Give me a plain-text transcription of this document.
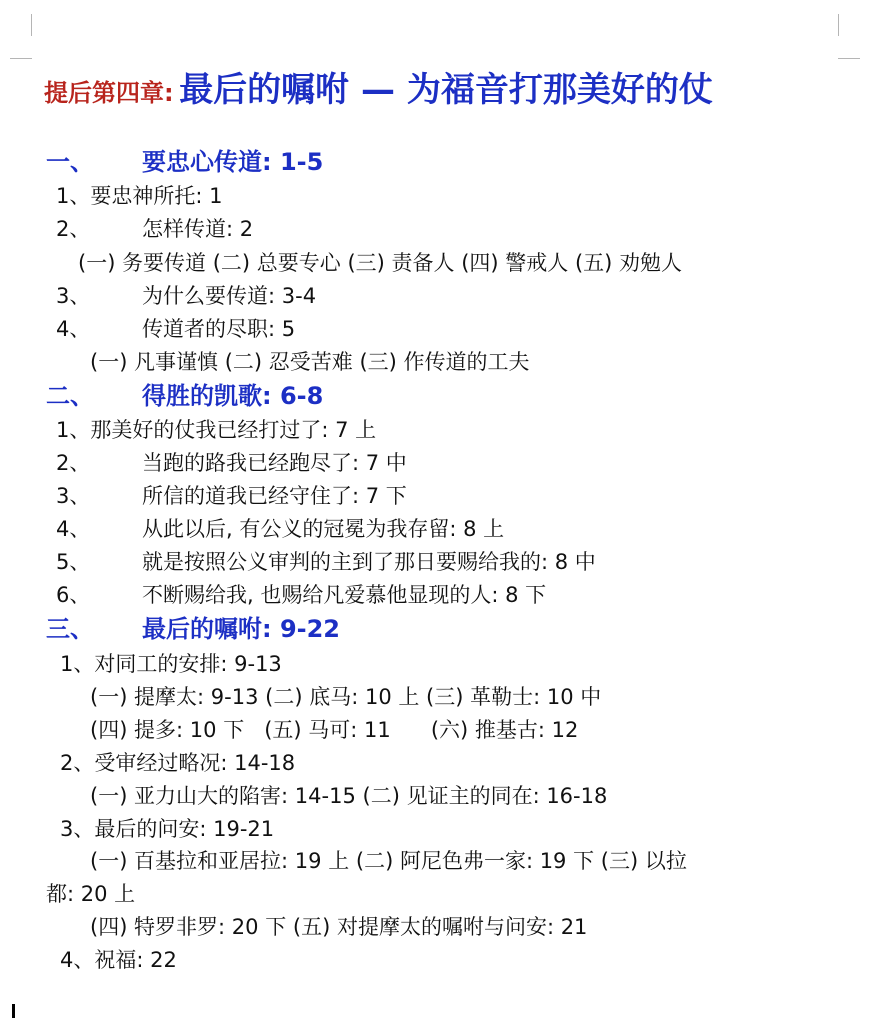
提后第四章: 最后的嘱咐 — 为福音打那美好的仗
一、 要忠心传道: 1-5
1、要忠神所托: 1
2、 怎样传道: 2
(一) 务要传道 (二) 总要专心 (三) 责备人 (四) 警戒人 (五) 劝勉人
3、 为什么要传道: 3-4
4、 传道者的尽职: 5
(一) 凡事谨慎 (二) 忍受苦难 (三) 作传道的工夫
二、 得胜的凯歌: 6-8
1、那美好的仗我已经打过了: 7 上
2、 当跑的路我已经跑尽了: 7 中
3、 所信的道我已经守住了: 7 下
4、 从此以后, 有公义的冠冕为我存留: 8 上
5、 就是按照公义审判的主到了那日要赐给我的: 8 中
6、 不断赐给我, 也赐给凡爱慕他显现的人: 8 下
三、 最后的嘱咐: 9-22
1、对同工的安排: 9-13
(一) 提摩太: 9-13 (二) 底马: 10 上 (三) 革勒士: 10 中
(四) 提多: 10 下   (五) 马可: 11      (六) 推基古: 12
2、受审经过略况: 14-18
(一) 亚力山大的陷害: 14-15 (二) 见证主的同在: 16-18
3、最后的问安: 19-21
(一) 百基拉和亚居拉: 19 上 (二) 阿尼色弗一家: 19 下 (三) 以拉
都: 20 上
(四) 特罗非罗: 20 下 (五) 对提摩太的嘱咐与问安: 21
4、祝福: 22
